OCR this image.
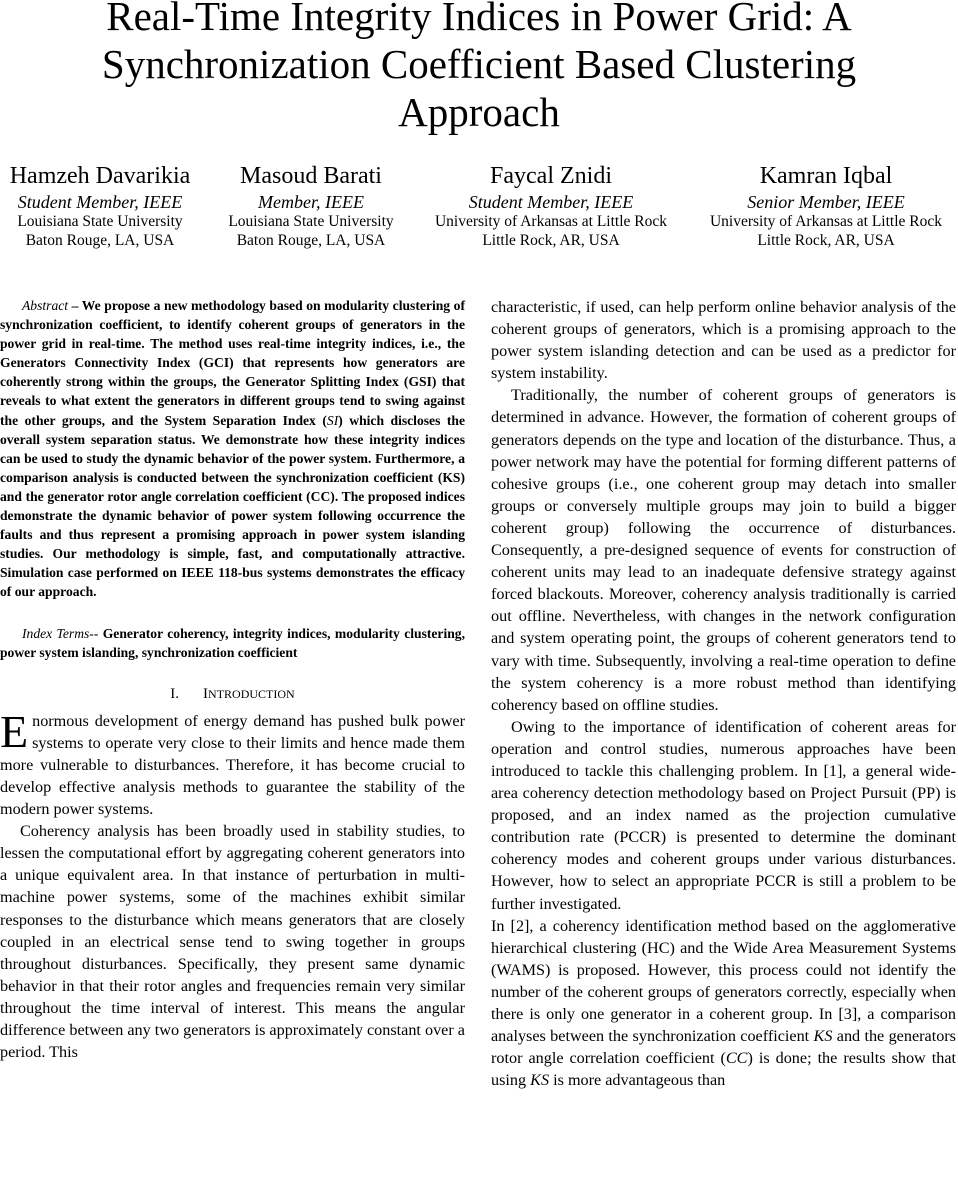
Real-Time Integrity Indices in Power Grid: A
Synchronization Coefficient Based Clustering
Approach
Hamzeh Davarikia
Student Member, IEEE
Louisiana State University
Baton Rouge, LA, USA
Masoud Barati
Member, IEEE
Louisiana State University
Baton Rouge, LA, USA
Faycal Znidi
Student Member, IEEE
University of Arkansas at Little Rock
Little Rock, AR, USA
Kamran Iqbal
Senior Member, IEEE
University of Arkansas at Little Rock
Little Rock, AR, USA

Abstract – We propose a new methodology based on modularity clustering of synchronization coefficient, to identify coherent groups of generators in the power grid in real-time. The method uses real-time integrity indices, i.e., the Generators Connectivity Index (GCI) that represents how generators are coherently strong within the groups, the Generator Splitting Index (GSI) that reveals to what extent the generators in different groups tend to swing against the other groups, and the System Separation Index (SI) which discloses the overall system separation status. We demonstrate how these integrity indices can be used to study the dynamic behavior of the power system. Furthermore, a comparison analysis is conducted between the synchronization coefficient (KS) and the generator rotor angle correlation coefficient (CC). The proposed indices demonstrate the dynamic behavior of power system following occurrence the faults and thus represent a promising approach in power system islanding studies. Our methodology is simple, fast, and computationally attractive. Simulation case performed on IEEE 118-bus systems demonstrates the efficacy of our approach.

Index Terms-- Generator coherency, integrity indices, modularity clustering, power system islanding, synchronization coefficient

I. INTRODUCTION

Enormous development of energy demand has pushed bulk power systems to operate very close to their limits and hence made them more vulnerable to disturbances. Therefore, it has become crucial to develop effective analysis methods to guarantee the stability of the modern power systems.

Coherency analysis has been broadly used in stability studies, to lessen the computational effort by aggregating coherent generators into a unique equivalent area. In that instance of perturbation in multi-machine power systems, some of the machines exhibit similar responses to the disturbance which means generators that are closely coupled in an electrical sense tend to swing together in groups throughout disturbances. Specifically, they present same dynamic behavior in that their rotor angles and frequencies remain very similar throughout the time interval of interest. This means the angular difference between any two generators is approximately constant over a period. This

characteristic, if used, can help perform online behavior analysis of the coherent groups of generators, which is a promising approach to the power system islanding detection and can be used as a predictor for system instability.

Traditionally, the number of coherent groups of generators is determined in advance. However, the formation of coherent groups of generators depends on the type and location of the disturbance. Thus, a power network may have the potential for forming different patterns of cohesive groups (i.e., one coherent group may detach into smaller groups or conversely multiple groups may join to build a bigger coherent group) following the occurrence of disturbances. Consequently, a pre-designed sequence of events for construction of coherent units may lead to an inadequate defensive strategy against forced blackouts. Moreover, coherency analysis traditionally is carried out offline. Nevertheless, with changes in the network configuration and system operating point, the groups of coherent generators tend to vary with time. Subsequently, involving a real-time operation to define the system coherency is a more robust method than identifying coherency based on offline studies.

Owing to the importance of identification of coherent areas for operation and control studies, numerous approaches have been introduced to tackle this challenging problem. In [1], a general wide-area coherency detection methodology based on Project Pursuit (PP) is proposed, and an index named as the projection cumulative contribution rate (PCCR) is presented to determine the dominant coherency modes and coherent groups under various disturbances. However, how to select an appropriate PCCR is still a problem to be further investigated.

In [2], a coherency identification method based on the agglomerative hierarchical clustering (HC) and the Wide Area Measurement Systems (WAMS) is proposed. However, this process could not identify the number of the coherent groups of generators correctly, especially when there is only one generator in a coherent group. In [3], a comparison analyses between the synchronization coefficient KS and the generators rotor angle correlation coefficient (CC) is done; the results show that using KS is more advantageous than
